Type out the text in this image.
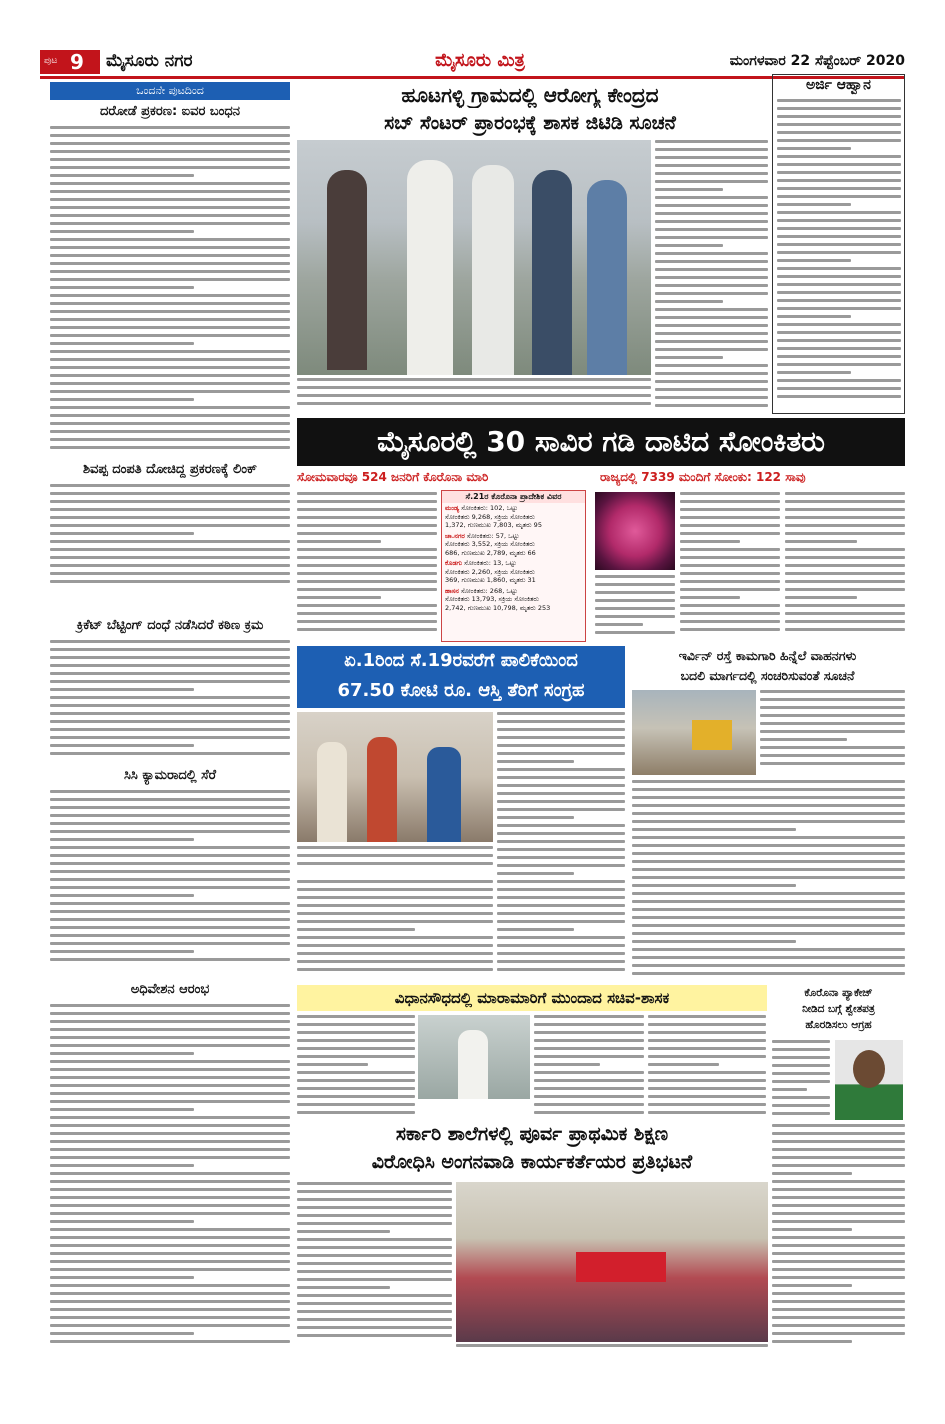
ಪುಟ 9 ಮೈಸೂರು ನಗರ	ಮೈಸೂರು ಮಿತ್ರ	ಮಂಗಳವಾರ 22 ಸೆಪ್ಟೆಂಬರ್ 2020
ಒಂದನೇ ಪುಟದಿಂದ
ದರೋಡೆ ಪ್ರಕರಣ: ಐವರ ಬಂಧನ
ಶಿವಪ್ಪ ದಂಪತಿ ದೋಚಿದ್ದ ಪ್ರಕರಣಕ್ಕೆ ಲಿಂಕ್
ಕ್ರಿಕೆಟ್ ಬೆಟ್ಟಿಂಗ್ ದಂಧೆ ನಡೆಸಿದರೆ ಕಠಿಣ ಕ್ರಮ
ಸಿಸಿ ಕ್ಯಾಮರಾದಲ್ಲಿ ಸೆರೆ
ಅಧಿವೇಶನ ಆರಂಭ
ಹೂಟಗಳ್ಳಿ ಗ್ರಾಮದಲ್ಲಿ ಆರೋಗ್ಯ ಕೇಂದ್ರದ
ಸಬ್ ಸೆಂಟರ್ ಪ್ರಾರಂಭಕ್ಕೆ ಶಾಸಕ ಜಿಟಿಡಿ ಸೂಚನೆ
ಅರ್ಜಿ ಆಹ್ವಾನ
ಮೈಸೂರಲ್ಲಿ 30 ಸಾವಿರ ಗಡಿ ದಾಟಿದ ಸೋಂಕಿತರು
ಸೋಮವಾರವೂ 524 ಜನರಿಗೆ ಕೊರೊನಾ ಮಾರಿ	ರಾಜ್ಯದಲ್ಲಿ 7339 ಮಂದಿಗೆ ಸೋಂಕು: 122 ಸಾವು
ಸೆ.21ರ ಕೊರೊನಾ ಪ್ರಾದೇಶಿಕ ವಿವರ
ಮಂಡ್ಯ ಸೋಂಕಿತರು: 102, ಒಟ್ಟು
ಸೋಂಕಿತರು 9,268, ಸಕ್ರಿಯ ಸೋಂಕಿತರು
1,372, ಗುಣಮುಖ 7,803, ಮೃತರು 95
ಚಾ.ನಗರ ಸೋಂಕಿತರು: 57, ಒಟ್ಟು
ಸೋಂಕಿತರು 3,552, ಸಕ್ರಿಯ ಸೋಂಕಿತರು
686, ಗುಣಮುಖ 2,789, ಮೃತರು 66
ಕೊಡಗು ಸೋಂಕಿತರು: 13, ಒಟ್ಟು
ಸೋಂಕಿತರು 2,260, ಸಕ್ರಿಯ ಸೋಂಕಿತರು
369, ಗುಣಮುಖ 1,860, ಮೃತರು 31
ಹಾಸನ ಸೋಂಕಿತರು: 268, ಒಟ್ಟು
ಸೋಂಕಿತರು 13,793, ಸಕ್ರಿಯ ಸೋಂಕಿತರು
2,742, ಗುಣಮುಖ 10,798, ಮೃತರು 253
ಏ.1ರಿಂದ ಸೆ.19ರವರೆಗೆ ಪಾಲಿಕೆಯಿಂದ
67.50 ಕೋಟಿ ರೂ. ಆಸ್ತಿ ತೆರಿಗೆ ಸಂಗ್ರಹ
ಇರ್ವಿನ್ ರಸ್ತೆ ಕಾಮಗಾರಿ ಹಿನ್ನೆಲೆ ವಾಹನಗಳು
ಬದಲಿ ಮಾರ್ಗದಲ್ಲಿ ಸಂಚರಿಸುವಂತೆ ಸೂಚನೆ
ವಿಧಾನಸೌಧದಲ್ಲಿ ಮಾರಾಮಾರಿಗೆ ಮುಂದಾದ ಸಚಿವ-ಶಾಸಕ	ಕೊರೊನಾ ಪ್ಯಾಕೇಜ್
ನೀಡಿದ ಬಗ್ಗೆ ಶ್ವೇತಪತ್ರ
ಹೊರಡಿಸಲು ಆಗ್ರಹ
ಸರ್ಕಾರಿ ಶಾಲೆಗಳಲ್ಲಿ ಪೂರ್ವ ಪ್ರಾಥಮಿಕ ಶಿಕ್ಷಣ
ವಿರೋಧಿಸಿ ಅಂಗನವಾಡಿ ಕಾರ್ಯಕರ್ತೆಯರ ಪ್ರತಿಭಟನೆ
